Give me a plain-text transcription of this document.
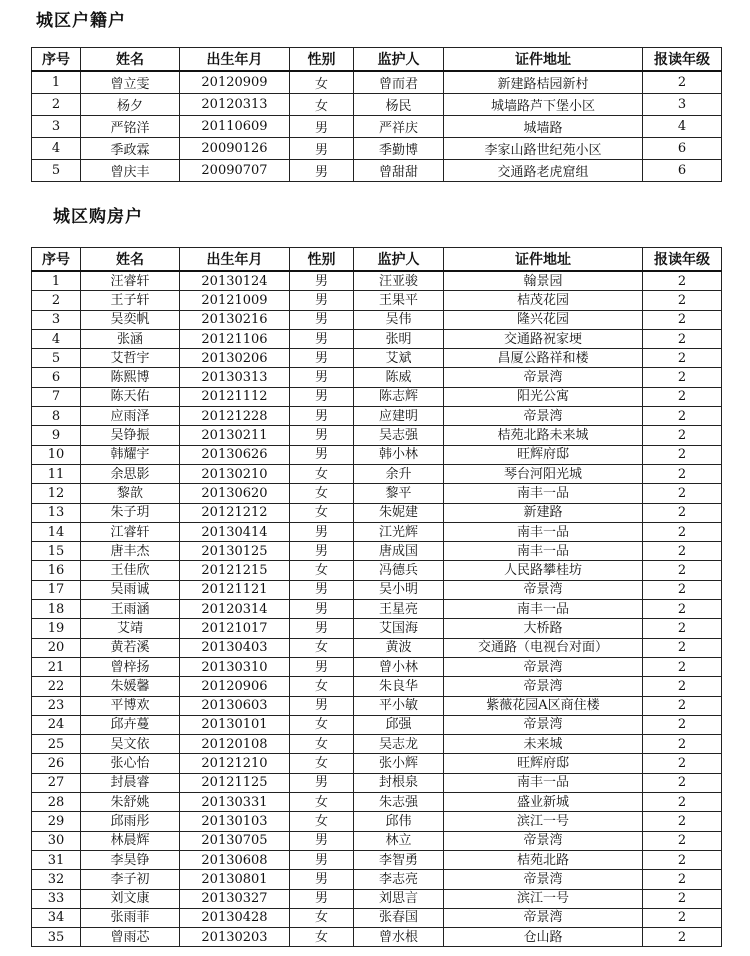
城区户籍户
序号	姓名	出生年月	性别	监护人	证件地址	报读年级
1	曾立雯	20120909	女	曾而君	新建路桔园新村	2
2	杨夕	20120313	女	杨民	城墙路芦下堡小区	3
3	严铭洋	20110609	男	严祥庆	城墙路	4
4	季政霖	20090126	男	季勤博	李家山路世纪苑小区	6
5	曾庆丰	20090707	男	曾甜甜	交通路老虎窟组	6
城区购房户
序号	姓名	出生年月	性别	监护人	证件地址	报读年级
1	汪睿轩	20130124	男	汪亚骏	翰景园	2
2	王子轩	20121009	男	王果平	桔茂花园	2
3	吴奕帆	20130216	男	吴伟	隆兴花园	2
4	张涵	20121106	男	张明	交通路祝家埂	2
5	艾哲宇	20130206	男	艾斌	昌厦公路祥和楼	2
6	陈熙博	20130313	男	陈威	帝景湾	2
7	陈天佑	20121112	男	陈志辉	阳光公寓	2
8	应雨泽	20121228	男	应建明	帝景湾	2
9	吴铮振	20130211	男	吴志强	桔苑北路未来城	2
10	韩耀宇	20130626	男	韩小林	旺辉府邸	2
11	余思影	20130210	女	余升	琴台河阳光城	2
12	黎歆	20130620	女	黎平	南丰一品	2
13	朱子玥	20121212	女	朱妮建	新建路	2
14	江睿轩	20130414	男	江光辉	南丰一品	2
15	唐丰杰	20130125	男	唐成国	南丰一品	2
16	王佳欣	20121215	女	冯德兵	人民路攀桂坊	2
17	吴雨诚	20121121	男	吴小明	帝景湾	2
18	王雨涵	20120314	男	王星亮	南丰一品	2
19	艾靖	20121017	男	艾国海	大桥路	2
20	黄若溪	20130403	女	黄波	交通路（电视台对面）	2
21	曾梓扬	20130310	男	曾小林	帝景湾	2
22	朱媛馨	20120906	女	朱良华	帝景湾	2
23	平博欢	20130603	男	平小敏	紫薇花园A区商住楼	2
24	邱卉蔓	20130101	女	邱强	帝景湾	2
25	吴文依	20120108	女	吴志龙	未来城	2
26	张心怡	20121210	女	张小辉	旺辉府邸	2
27	封晨睿	20121125	男	封根泉	南丰一品	2
28	朱舒姚	20130331	女	朱志强	盛业新城	2
29	邱雨彤	20130103	女	邱伟	滨江一号	2
30	林晨辉	20130705	男	林立	帝景湾	2
31	李昊铮	20130608	男	李智勇	桔苑北路	2
32	李子初	20130801	男	李志亮	帝景湾	2
33	刘文康	20130327	男	刘思言	滨江一号	2
34	张雨菲	20130428	女	张春国	帝景湾	2
35	曾雨芯	20130203	女	曾水根	仓山路	2
